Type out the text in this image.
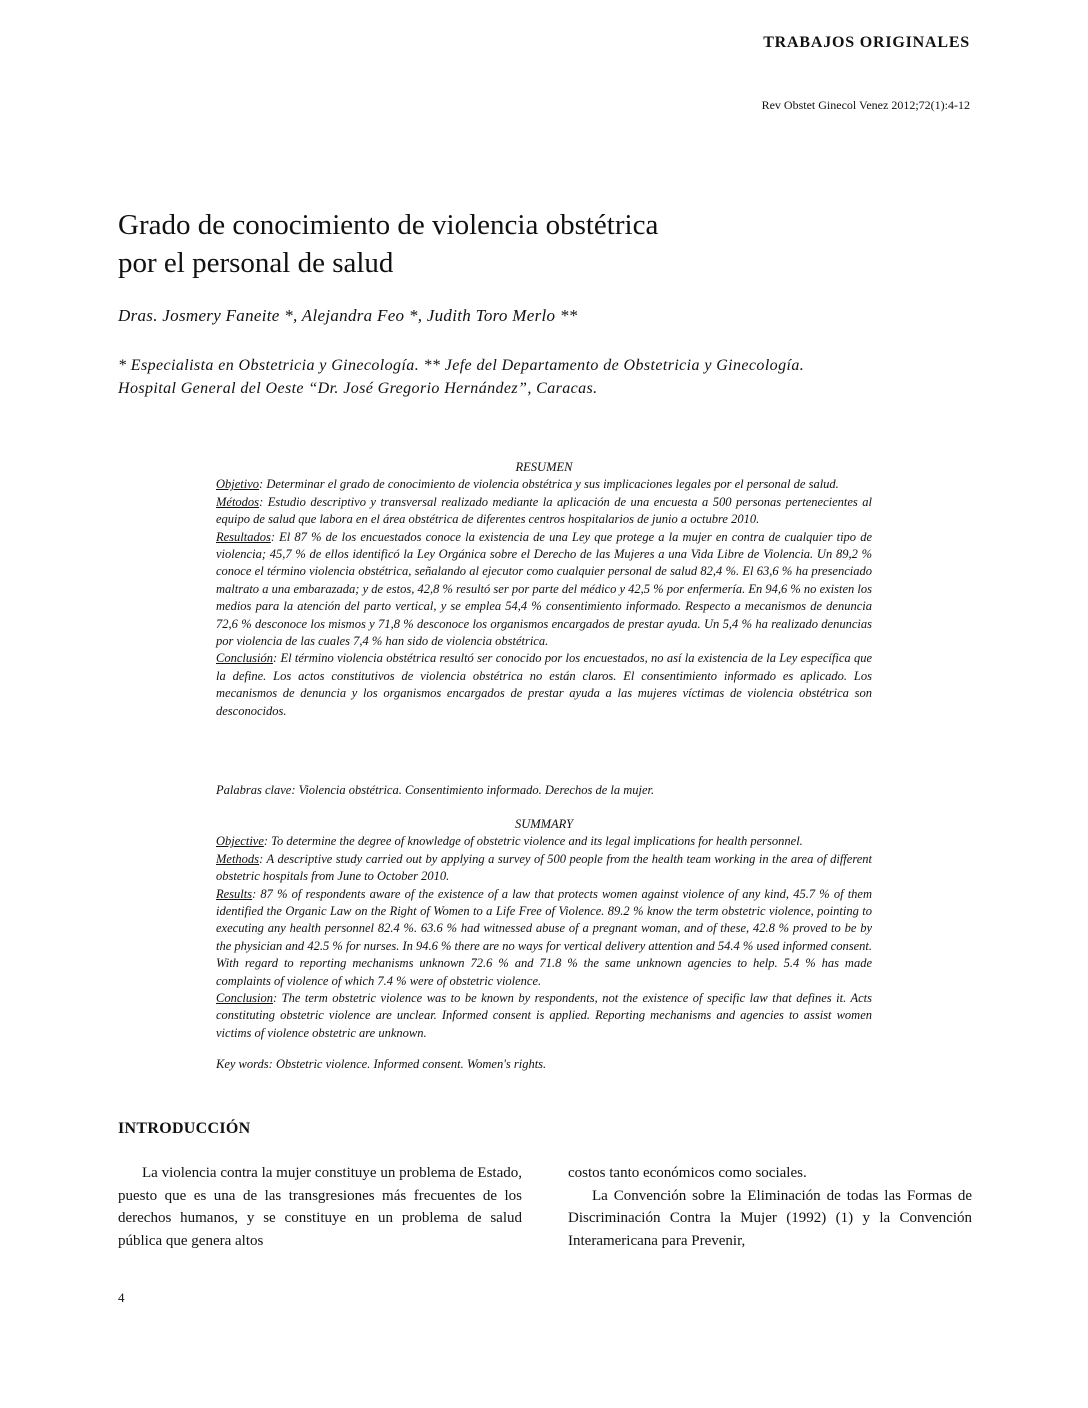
TRABAJOS ORIGINALES
Rev Obstet Ginecol Venez 2012;72(1):4-12
Grado de conocimiento de violencia obstétrica
por el personal de salud
Dras. Josmery Faneite *, Alejandra Feo *, Judith Toro Merlo **
* Especialista en Obstetricia y Ginecología. ** Jefe del Departamento de Obstetricia y Ginecología.
Hospital General del Oeste “Dr. José Gregorio Hernández”, Caracas.

RESUMEN

Objetivo: Determinar el grado de conocimiento de violencia obstétrica y sus implicaciones legales por el personal de salud.

Métodos: Estudio descriptivo y transversal realizado mediante la aplicación de una encuesta a 500 personas pertenecientes al equipo de salud que labora en el área obstétrica de diferentes centros hospitalarios de junio a octubre 2010.

Resultados: El 87 % de los encuestados conoce la existencia de una Ley que protege a la mujer en contra de cualquier tipo de violencia; 45,7 % de ellos identificó la Ley Orgánica sobre el Derecho de las Mujeres a una Vida Libre de Violencia. Un 89,2 % conoce el término violencia obstétrica, señalando al ejecutor como cualquier personal de salud 82,4 %. El 63,6 % ha presenciado maltrato a una embarazada; y de estos, 42,8 % resultó ser por parte del médico y 42,5 % por enfermería. En 94,6 % no existen los medios para la atención del parto vertical, y se emplea 54,4 % consentimiento informado. Respecto a mecanismos de denuncia 72,6 % desconoce los mismos y 71,8 % desconoce los organismos encargados de prestar ayuda. Un 5,4 % ha realizado denuncias por violencia de las cuales 7,4 % han sido de violencia obstétrica.

Conclusión: El término violencia obstétrica resultó ser conocido por los encuestados, no así la existencia de la Ley específica que la define. Los actos constitutivos de violencia obstétrica no están claros. El consentimiento informado es aplicado. Los mecanismos de denuncia y los organismos encargados de prestar ayuda a las mujeres víctimas de violencia obstétrica son desconocidos.

Palabras clave: Violencia obstétrica. Consentimiento informado. Derechos de la mujer.

SUMMARY

Objective: To determine the degree of knowledge of obstetric violence and its legal implications for health personnel.

Methods: A descriptive study carried out by applying a survey of 500 people from the health team working in the area of different obstetric hospitals from June to October 2010.

Results: 87 % of respondents aware of the existence of a law that protects women against violence of any kind, 45.7 % of them identified the Organic Law on the Right of Women to a Life Free of Violence. 89.2 % know the term obstetric violence, pointing to executing any health personnel 82.4 %. 63.6 % had witnessed abuse of a pregnant woman, and of these, 42.8 % proved to be by the physician and 42.5 % for nurses. In 94.6 % there are no ways for vertical delivery attention and 54.4 % used informed consent. With regard to reporting mechanisms unknown 72.6 % and 71.8 % the same unknown agencies to help. 5.4 % has made complaints of violence of which 7.4 % were of obstetric violence.

Conclusion: The term obstetric violence was to be known by respondents, not the existence of specific law that defines it. Acts constituting obstetric violence are unclear. Informed consent is applied. Reporting mechanisms and agencies to assist women victims of violence obstetric are unknown.

Key words: Obstetric violence. Informed consent. Women's rights.
INTRODUCCIÓN

La violencia contra la mujer constituye un problema de Estado, puesto que es una de las transgresiones más frecuentes de los derechos humanos, y se constituye en un problema de salud pública que genera altos

costos tanto económicos como sociales.

La Convención sobre la Eliminación de todas las Formas de Discriminación Contra la Mujer (1992) (1) y la Convención Interamericana para Prevenir,

4
